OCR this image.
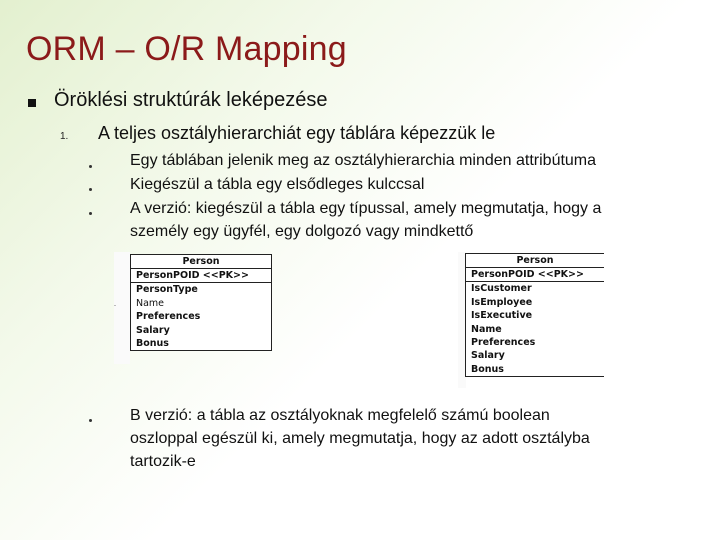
ORM – O/R Mapping
Öröklési struktúrák leképezése
1. A teljes osztályhierarchiát egy táblára képezzük le
Egy táblában jelenik meg az osztályhierarchia minden attribútuma
Kiegészül a tábla egy elsődleges kulccsal
A verzió: kiegészül a tábla egy típussal, amely megmutatja, hogy a
személy egy ügyfél, egy dolgozó vagy mindkettő
Person
PersonPOID <<PK>>
PersonType
Name
Preferences
Salary
Bonus
Person
PersonPOID <<PK>>
IsCustomer
IsEmployee
IsExecutive
Name
Preferences
Salary
Bonus
B verzió: a tábla az osztályoknak megfelelő számú boolean
oszloppal egészül ki, amely megmutatja, hogy az adott osztályba
tartozik-e
